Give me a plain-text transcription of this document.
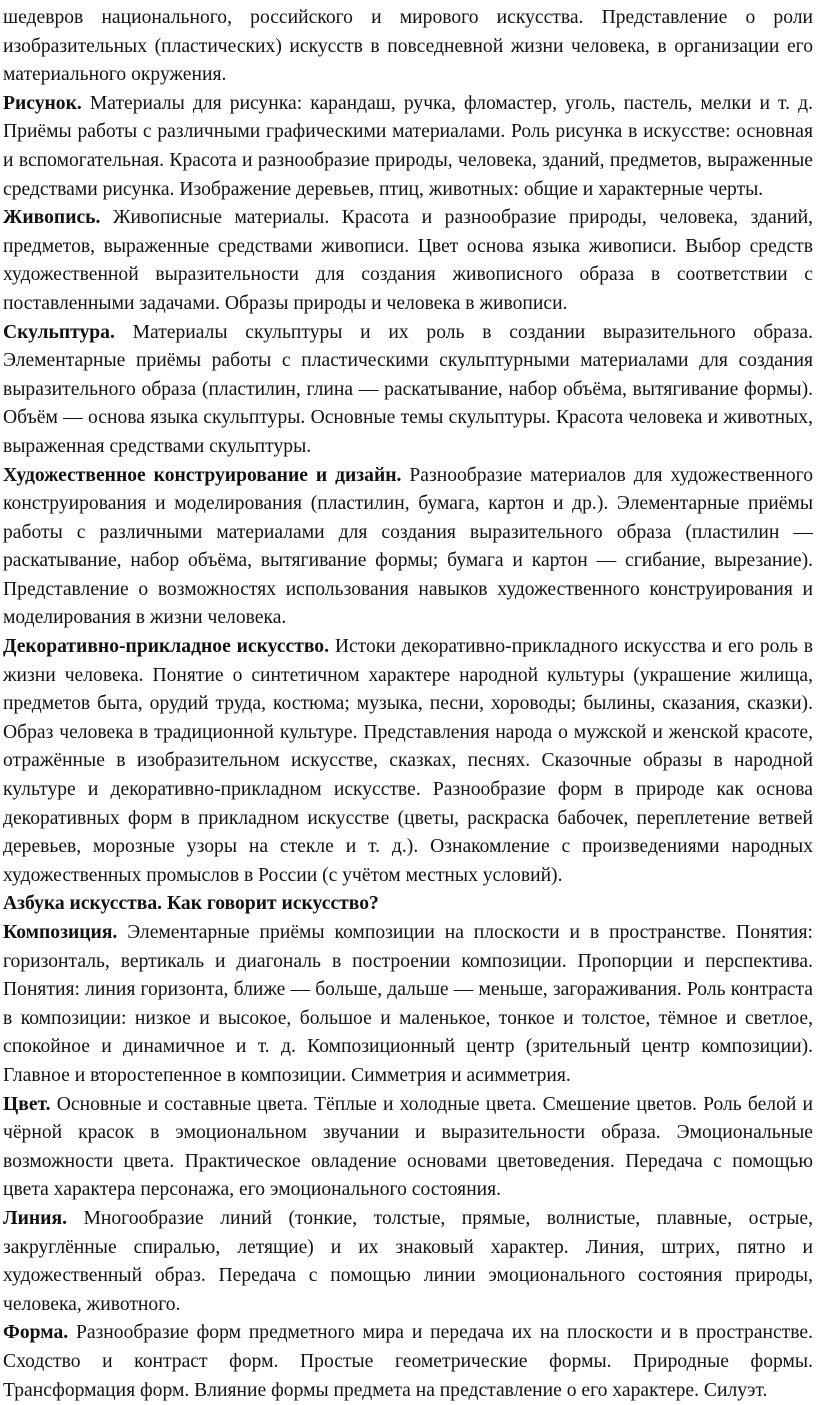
шедевров национального, российского и мирового искусства. Представление о роли изобразительных (пластических) искусств в повседневной жизни человека, в организации его материального окружения.

Рисунок. Материалы для рисунка: карандаш, ручка, фломастер, уголь, пастель, мелки и т. д. Приёмы работы с различными графическими материалами. Роль рисунка в искусстве: основная и вспомогательная. Красота и разнообразие природы, человека, зданий, предметов, выраженные средствами рисунка. Изображение деревьев, птиц, животных: общие и характерные черты.

Живопись. Живописные материалы. Красота и разнообразие природы, человека, зданий, предметов, выраженные средствами живописи. Цвет основа языка живописи. Выбор средств художественной выразительности для создания живописного образа в соответствии с поставленными задачами. Образы природы и человека в живописи.

Скульптура. Материалы скульптуры и их роль в создании выразительного образа. Элементарные приёмы работы с пластическими скульптурными материалами для создания выразительного образа (пластилин, глина — раскатывание, набор объёма, вытягивание формы). Объём — основа языка скульптуры. Основные темы скульптуры. Красота человека и животных, выраженная средствами скульптуры.

Художественное конструирование и дизайн. Разнообразие материалов для художественного конструирования и моделирования (пластилин, бумага, картон и др.). Элементарные приёмы работы с различными материалами для создания выразительного образа (пластилин — раскатывание, набор объёма, вытягивание формы; бумага и картон — сгибание, вырезание). Представление о возможностях использования навыков художественного конструирования и моделирования в жизни человека.

Декоративно-прикладное искусство. Истоки декоративно-прикладного искусства и его роль в жизни человека. Понятие о синтетичном характере народной культуры (украшение жилища, предметов быта, орудий труда, костюма; музыка, песни, хороводы; былины, сказания, сказки). Образ человека в традиционной культуре. Представления народа о мужской и женской красоте, отражённые в изобразительном искусстве, сказках, песнях. Сказочные образы в народной культуре и декоративно-прикладном искусстве. Разнообразие форм в природе как основа декоративных форм в прикладном искусстве (цветы, раскраска бабочек, переплетение ветвей деревьев, морозные узоры на стекле и т. д.). Ознакомление с произведениями народных художественных промыслов в России (с учётом местных условий).

Азбука искусства. Как говорит искусство?

Композиция. Элементарные приёмы композиции на плоскости и в пространстве. Понятия: горизонталь, вертикаль и диагональ в построении композиции. Пропорции и перспектива. Понятия: линия горизонта, ближе — больше, дальше — меньше, загораживания. Роль контраста в композиции: низкое и высокое, большое и маленькое, тонкое и толстое, тёмное и светлое, спокойное и динамичное и т. д. Композиционный центр (зрительный центр композиции). Главное и второстепенное в композиции. Симметрия и асимметрия.

Цвет. Основные и составные цвета. Тёплые и холодные цвета. Смешение цветов. Роль белой и чёрной красок в эмоциональном звучании и выразительности образа. Эмоциональные возможности цвета. Практическое овладение основами цветоведения. Передача с помощью цвета характера персонажа, его эмоционального состояния.

Линия. Многообразие линий (тонкие, толстые, прямые, волнистые, плавные, острые, закруглённые спиралью, летящие) и их знаковый характер. Линия, штрих, пятно и художественный образ. Передача с помощью линии эмоционального состояния природы, человека, животного.

Форма. Разнообразие форм предметного мира и передача их на плоскости и в пространстве. Сходство и контраст форм. Простые геометрические формы. Природные формы. Трансформация форм. Влияние формы предмета на представление о его характере. Силуэт.
